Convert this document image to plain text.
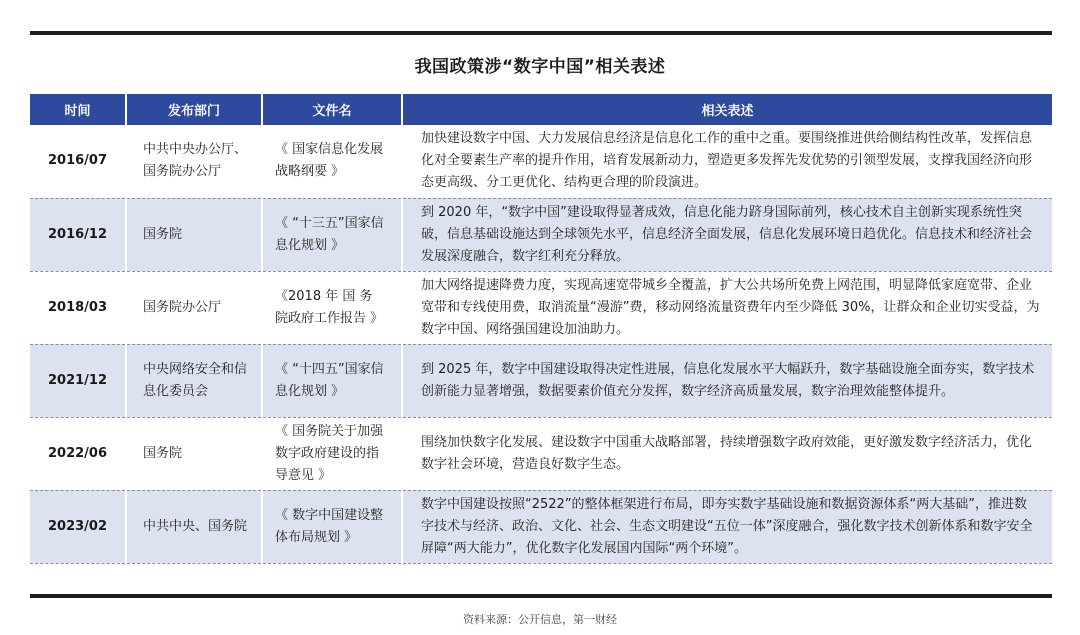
我国政策涉“数字中国”相关表述
时间	发布部门	文件名	相关表述
2016/07	中共中央办公厅、国务院办公厅	《 国家信息化发展战略纲要 》	加快建设数字中国、大力发展信息经济是信息化工作的重中之重。要围绕推进供给侧结构性改革，发挥信息化对全要素生产率的提升作用，培育发展新动力，塑造更多发挥先发优势的引领型发展，支撑我国经济向形态更高级、分工更优化、结构更合理的阶段演进。
2016/12	国务院	《 “十三五”国家信息化规划 》	到 2020 年，“数字中国”建设取得显著成效，信息化能力跻身国际前列，核心技术自主创新实现系统性突破，信息基础设施达到全球领先水平，信息经济全面发展，信息化发展环境日趋优化。信息技术和经济社会发展深度融合，数字红利充分释放。
2018/03	国务院办公厅	《2018 年 国 务 院政府工作报告 》	加大网络提速降费力度，实现高速宽带城乡全覆盖，扩大公共场所免费上网范围，明显降低家庭宽带、企业宽带和专线使用费，取消流量“漫游”费，移动网络流量资费年内至少降低 30%，让群众和企业切实受益，为数字中国、网络强国建设加油助力。
2021/12	中央网络安全和信息化委员会	《 “十四五”国家信息化规划 》	到 2025 年，数字中国建设取得决定性进展，信息化发展水平大幅跃升，数字基础设施全面夯实，数字技术创新能力显著增强，数据要素价值充分发挥，数字经济高质量发展，数字治理效能整体提升。
2022/06	国务院	《 国务院关于加强数字政府建设的指导意见 》	围绕加快数字化发展、建设数字中国重大战略部署，持续增强数字政府效能，更好激发数字经济活力，优化数字社会环境，营造良好数字生态。
2023/02	中共中央、国务院	《 数字中国建设整体布局规划 》	数字中国建设按照“2522”的整体框架进行布局，即夯实数字基础设施和数据资源体系“两大基础”，推进数字技术与经济、政治、文化、社会、生态文明建设“五位一体”深度融合，强化数字技术创新体系和数字安全屏障“两大能力”，优化数字化发展国内国际“两个环境”。
资料来源：公开信息，第一财经
